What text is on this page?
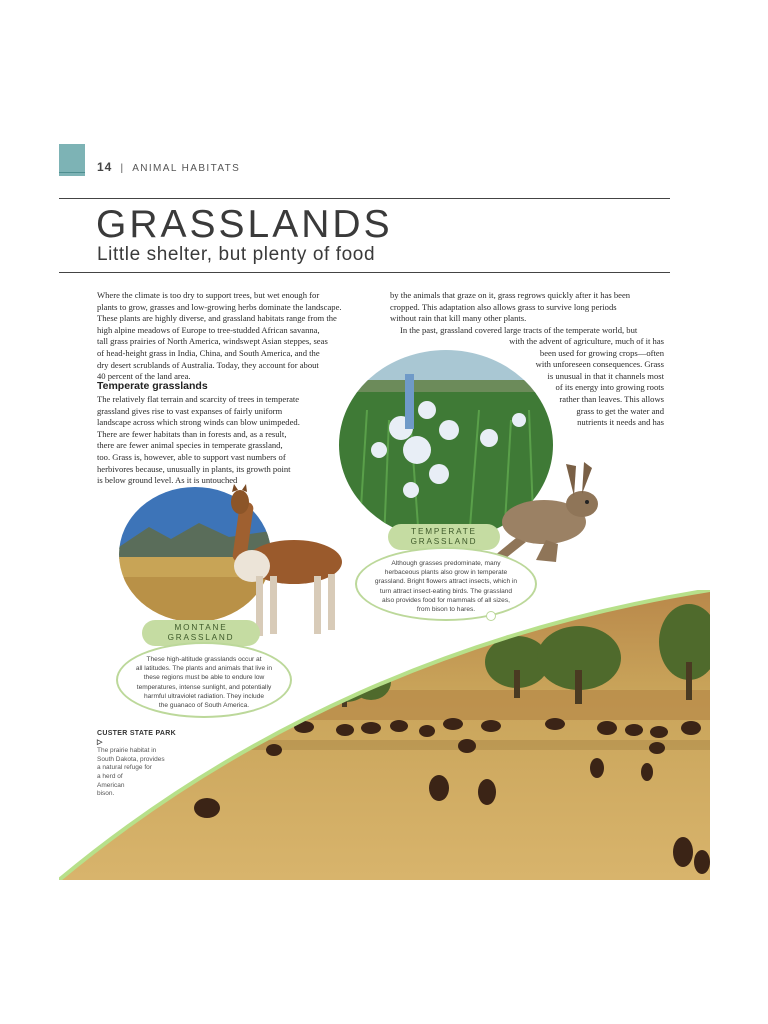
14 | ANIMAL HABITATS
GRASSLANDS
Little shelter, but plenty of food

Where the climate is too dry to support trees, but wet enough for

plants to grow, grasses and low-growing herbs dominate the landscape.

These plants are highly diverse, and grassland habitats range from the

high alpine meadows of Europe to tree-studded African savanna,

tall grass prairies of North America, windswept Asian steppes, seas

of head-height grass in India, China, and South America, and the

dry desert scrublands of Australia. Today, they account for about

40 percent of the land area.

Temperate grasslands

The relatively flat terrain and scarcity of trees in temperate

grassland gives rise to vast expanses of fairly uniform

landscape across which strong winds can blow unimpeded.

There are fewer habitats than in forests and, as a result,

there are fewer animal species in temperate grassland,

too. Grass is, however, able to support vast numbers of

herbivores because, unusually in plants, its growth point

is below ground level. As it is untouched

by the animals that graze on it, grass regrows quickly after it has been

cropped. This adaptation also allows grass to survive long periods

without rain that kill many other plants.

In the past, grassland covered large tracts of the temperate world, but

with the advent of agriculture, much of it has
been used for growing crops—often
with unforeseen consequences. Grass
is unusual in that it channels most
of its energy into growing roots
rather than leaves. This allows
grass to get the water and
nutrients it needs and has
TEMPERATE
GRASSLAND
MONTANE
GRASSLAND
Although grasses predominate, many
herbaceous plants also grow in temperate
grassland. Bright flowers attract insects, which in
turn attract insect-eating birds. The grassland
also provides food for mammals of all sizes,
from bison to hares.
These high-altitude grasslands occur at
all latitudes. The plants and animals that live in
these regions must be able to endure low
temperatures, intense sunlight, and potentially
harmful ultraviolet radiation. They include
the guanaco of South America.
CUSTER STATE PARK ▷
The prairie habitat in
South Dakota, provides
a natural refuge for
a herd of
American
bison.
